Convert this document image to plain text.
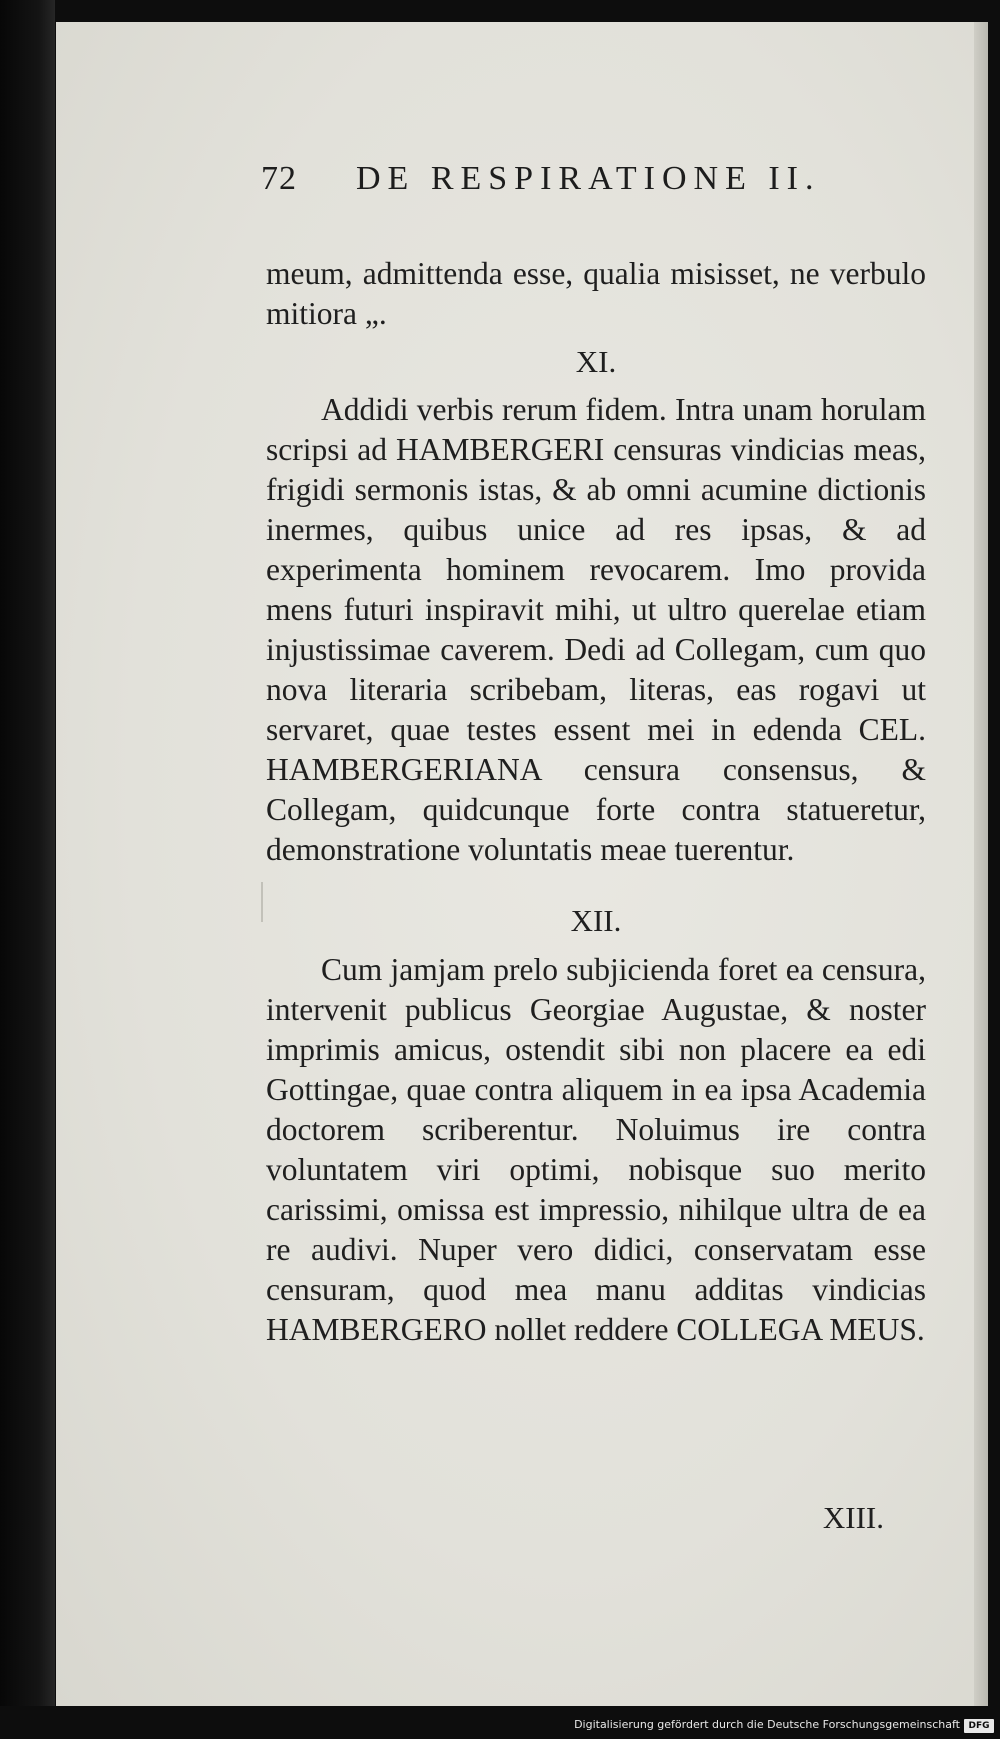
72 DE RESPIRATIONE II.

meum, admittenda esse, qualia misisset, ne verbulo mitiora „.

XI.

Addidi verbis rerum fidem. Intra unam horulam scripsi ad HAMBERGERI censuras vindicias meas, frigidi sermonis istas, & ab omni acumine dictionis inermes, quibus unice ad res ipsas, & ad experimenta hominem revocarem. Imo provida mens futuri inspiravit mihi, ut ultro querelae etiam injustissimae caverem. Dedi ad Collegam, cum quo nova literaria scribebam, literas, eas rogavi ut servaret, quae testes essent mei in edenda CEL. HAMBERGERIANA censura consensus, & Collegam, quidcunque forte contra statueretur, demonstratione voluntatis meae tuerentur.

XII.

Cum jamjam prelo subjicienda foret ea censura, intervenit publicus Georgiae Augustae, & noster imprimis amicus, ostendit sibi non placere ea edi Gottingae, quae contra aliquem in ea ipsa Academia doctorem scriberentur. Noluimus ire contra voluntatem viri optimi, nobisque suo merito carissimi, omissa est impressio, nihilque ultra de ea re audivi. Nuper vero didici, conservatam esse censuram, quod mea manu additas vindicias HAMBERGERO nollet reddere COLLEGA MEUS.

XIII.
Digitalisierung gefördert durch die Deutsche Forschungsgemeinschaft DFG
